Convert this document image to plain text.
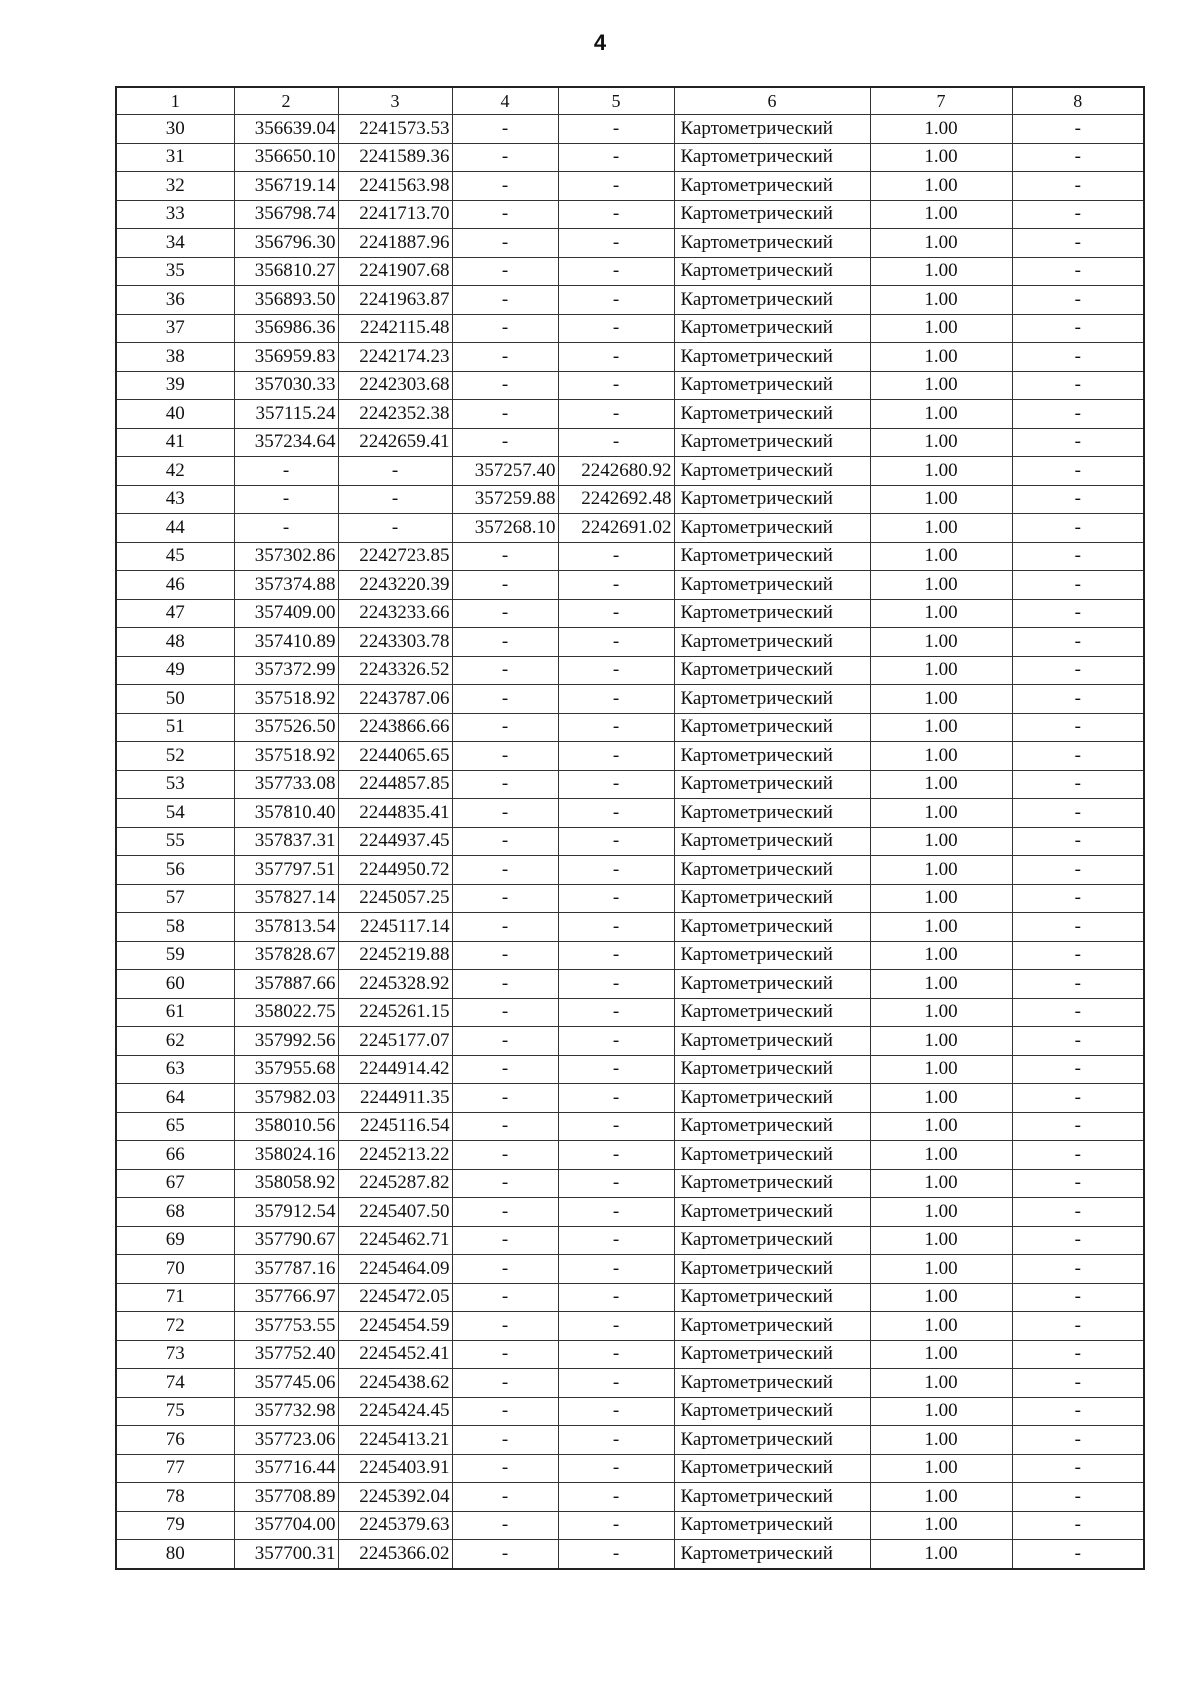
4
1	2	3	4	5	6	7	8
30	356639.04	2241573.53	-	-	Картометрический	1.00	-
31	356650.10	2241589.36	-	-	Картометрический	1.00	-
32	356719.14	2241563.98	-	-	Картометрический	1.00	-
33	356798.74	2241713.70	-	-	Картометрический	1.00	-
34	356796.30	2241887.96	-	-	Картометрический	1.00	-
35	356810.27	2241907.68	-	-	Картометрический	1.00	-
36	356893.50	2241963.87	-	-	Картометрический	1.00	-
37	356986.36	2242115.48	-	-	Картометрический	1.00	-
38	356959.83	2242174.23	-	-	Картометрический	1.00	-
39	357030.33	2242303.68	-	-	Картометрический	1.00	-
40	357115.24	2242352.38	-	-	Картометрический	1.00	-
41	357234.64	2242659.41	-	-	Картометрический	1.00	-
42	-	-	357257.40	2242680.92	Картометрический	1.00	-
43	-	-	357259.88	2242692.48	Картометрический	1.00	-
44	-	-	357268.10	2242691.02	Картометрический	1.00	-
45	357302.86	2242723.85	-	-	Картометрический	1.00	-
46	357374.88	2243220.39	-	-	Картометрический	1.00	-
47	357409.00	2243233.66	-	-	Картометрический	1.00	-
48	357410.89	2243303.78	-	-	Картометрический	1.00	-
49	357372.99	2243326.52	-	-	Картометрический	1.00	-
50	357518.92	2243787.06	-	-	Картометрический	1.00	-
51	357526.50	2243866.66	-	-	Картометрический	1.00	-
52	357518.92	2244065.65	-	-	Картометрический	1.00	-
53	357733.08	2244857.85	-	-	Картометрический	1.00	-
54	357810.40	2244835.41	-	-	Картометрический	1.00	-
55	357837.31	2244937.45	-	-	Картометрический	1.00	-
56	357797.51	2244950.72	-	-	Картометрический	1.00	-
57	357827.14	2245057.25	-	-	Картометрический	1.00	-
58	357813.54	2245117.14	-	-	Картометрический	1.00	-
59	357828.67	2245219.88	-	-	Картометрический	1.00	-
60	357887.66	2245328.92	-	-	Картометрический	1.00	-
61	358022.75	2245261.15	-	-	Картометрический	1.00	-
62	357992.56	2245177.07	-	-	Картометрический	1.00	-
63	357955.68	2244914.42	-	-	Картометрический	1.00	-
64	357982.03	2244911.35	-	-	Картометрический	1.00	-
65	358010.56	2245116.54	-	-	Картометрический	1.00	-
66	358024.16	2245213.22	-	-	Картометрический	1.00	-
67	358058.92	2245287.82	-	-	Картометрический	1.00	-
68	357912.54	2245407.50	-	-	Картометрический	1.00	-
69	357790.67	2245462.71	-	-	Картометрический	1.00	-
70	357787.16	2245464.09	-	-	Картометрический	1.00	-
71	357766.97	2245472.05	-	-	Картометрический	1.00	-
72	357753.55	2245454.59	-	-	Картометрический	1.00	-
73	357752.40	2245452.41	-	-	Картометрический	1.00	-
74	357745.06	2245438.62	-	-	Картометрический	1.00	-
75	357732.98	2245424.45	-	-	Картометрический	1.00	-
76	357723.06	2245413.21	-	-	Картометрический	1.00	-
77	357716.44	2245403.91	-	-	Картометрический	1.00	-
78	357708.89	2245392.04	-	-	Картометрический	1.00	-
79	357704.00	2245379.63	-	-	Картометрический	1.00	-
80	357700.31	2245366.02	-	-	Картометрический	1.00	-
